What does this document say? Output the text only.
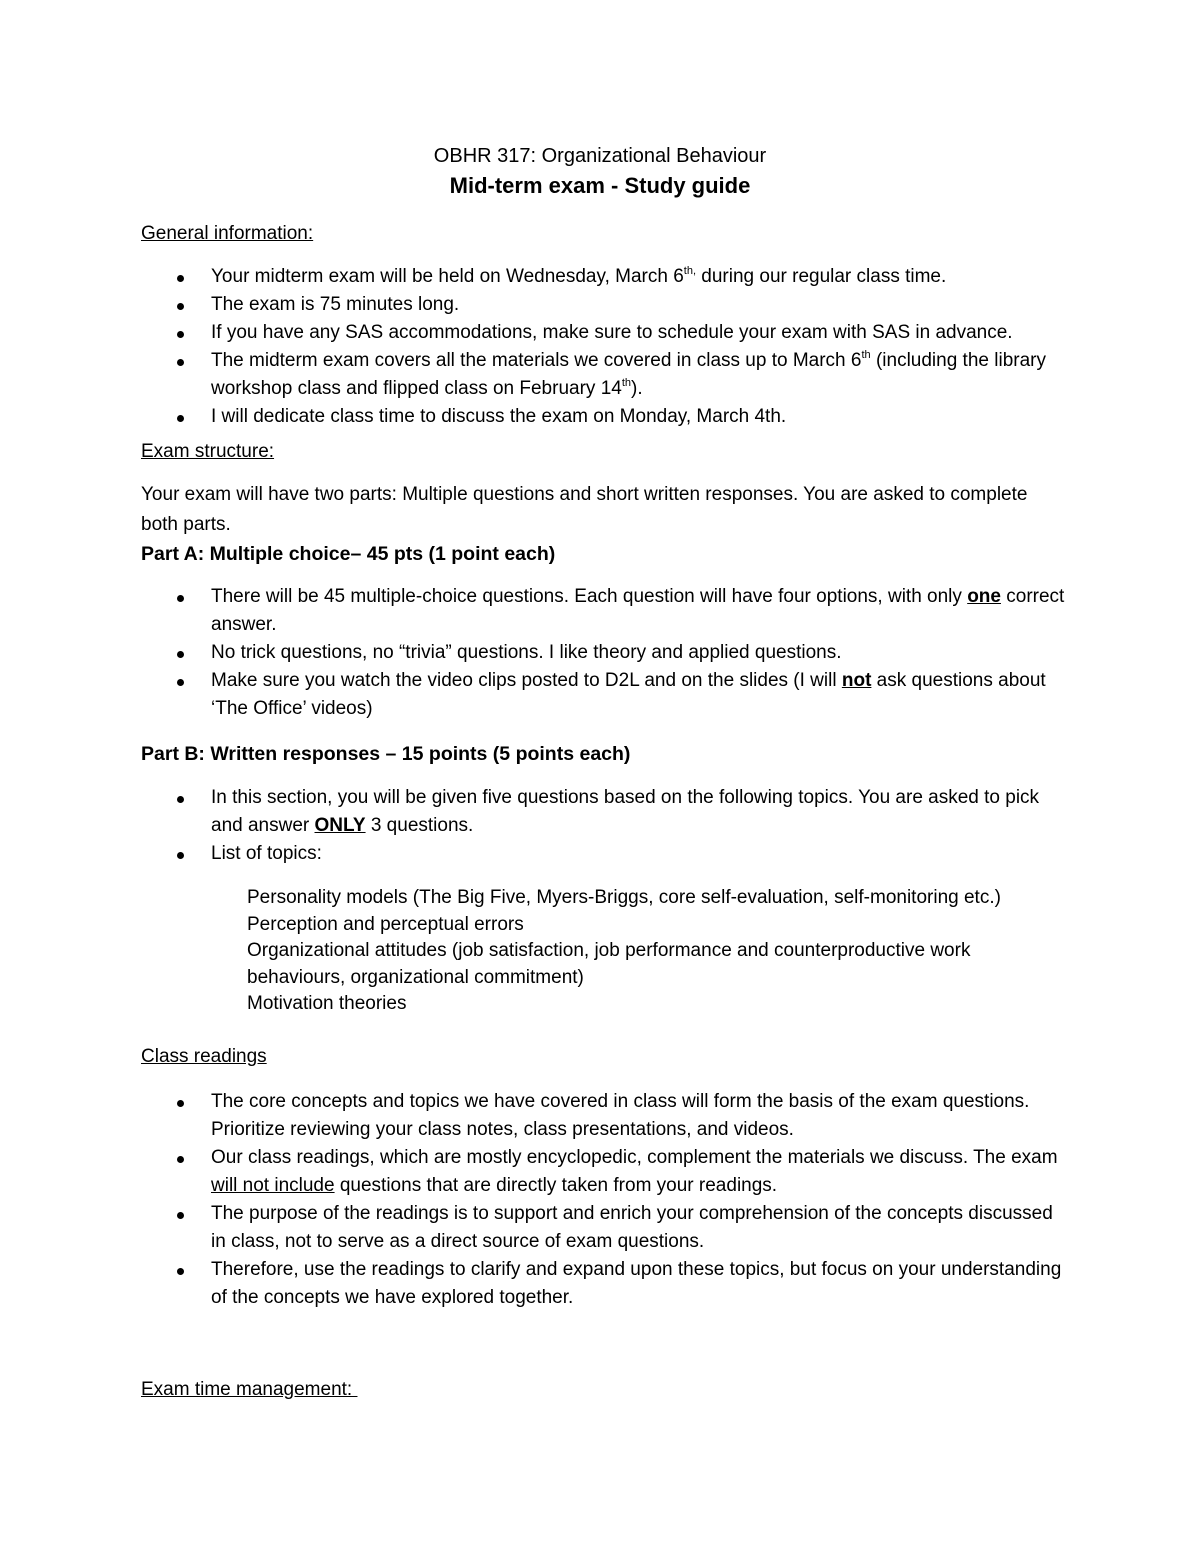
OBHR 317: Organizational Behaviour
Mid-term exam - Study guide
General information:
Your midterm exam will be held on Wednesday, March $6^{th,}$ during our regular class time.
The exam is 75 minutes long.
If you have any SAS accommodations, make sure to schedule your exam with SAS in advance.
The midterm exam covers all the materials we covered in class up to March 6th (including the library workshop class and flipped class on February 14th).
I will dedicate class time to discuss the exam on Monday, March 4th.
Exam structure:
Your exam will have two parts: Multiple questions and short written responses. You are asked to complete both parts.
Part A: Multiple choice– 45 pts (1 point each)
There will be 45 multiple-choice questions. Each question will have four options, with only one correct answer.
No trick questions, no “trivia” questions. I like theory and applied questions.
Make sure you watch the video clips posted to D2L and on the slides (I will not ask questions about ‘The Office’ videos)
Part B: Written responses – 15 points (5 points each)
In this section, you will be given five questions based on the following topics. You are asked to pick and answer ONLY 3 questions.
List of topics:
Personality models (The Big Five, Myers-Briggs, core self-evaluation, self-monitoring etc.)
Perception and perceptual errors
Organizational attitudes (job satisfaction, job performance and counterproductive work behaviours, organizational commitment)
Motivation theories
Class readings
The core concepts and topics we have covered in class will form the basis of the exam questions. Prioritize reviewing your class notes, class presentations, and videos.
Our class readings, which are mostly encyclopedic, complement the materials we discuss. The exam will not include questions that are directly taken from your readings.
The purpose of the readings is to support and enrich your comprehension of the concepts discussed in class, not to serve as a direct source of exam questions.
Therefore, use the readings to clarify and expand upon these topics, but focus on your understanding of the concepts we have explored together.
Exam time management:
